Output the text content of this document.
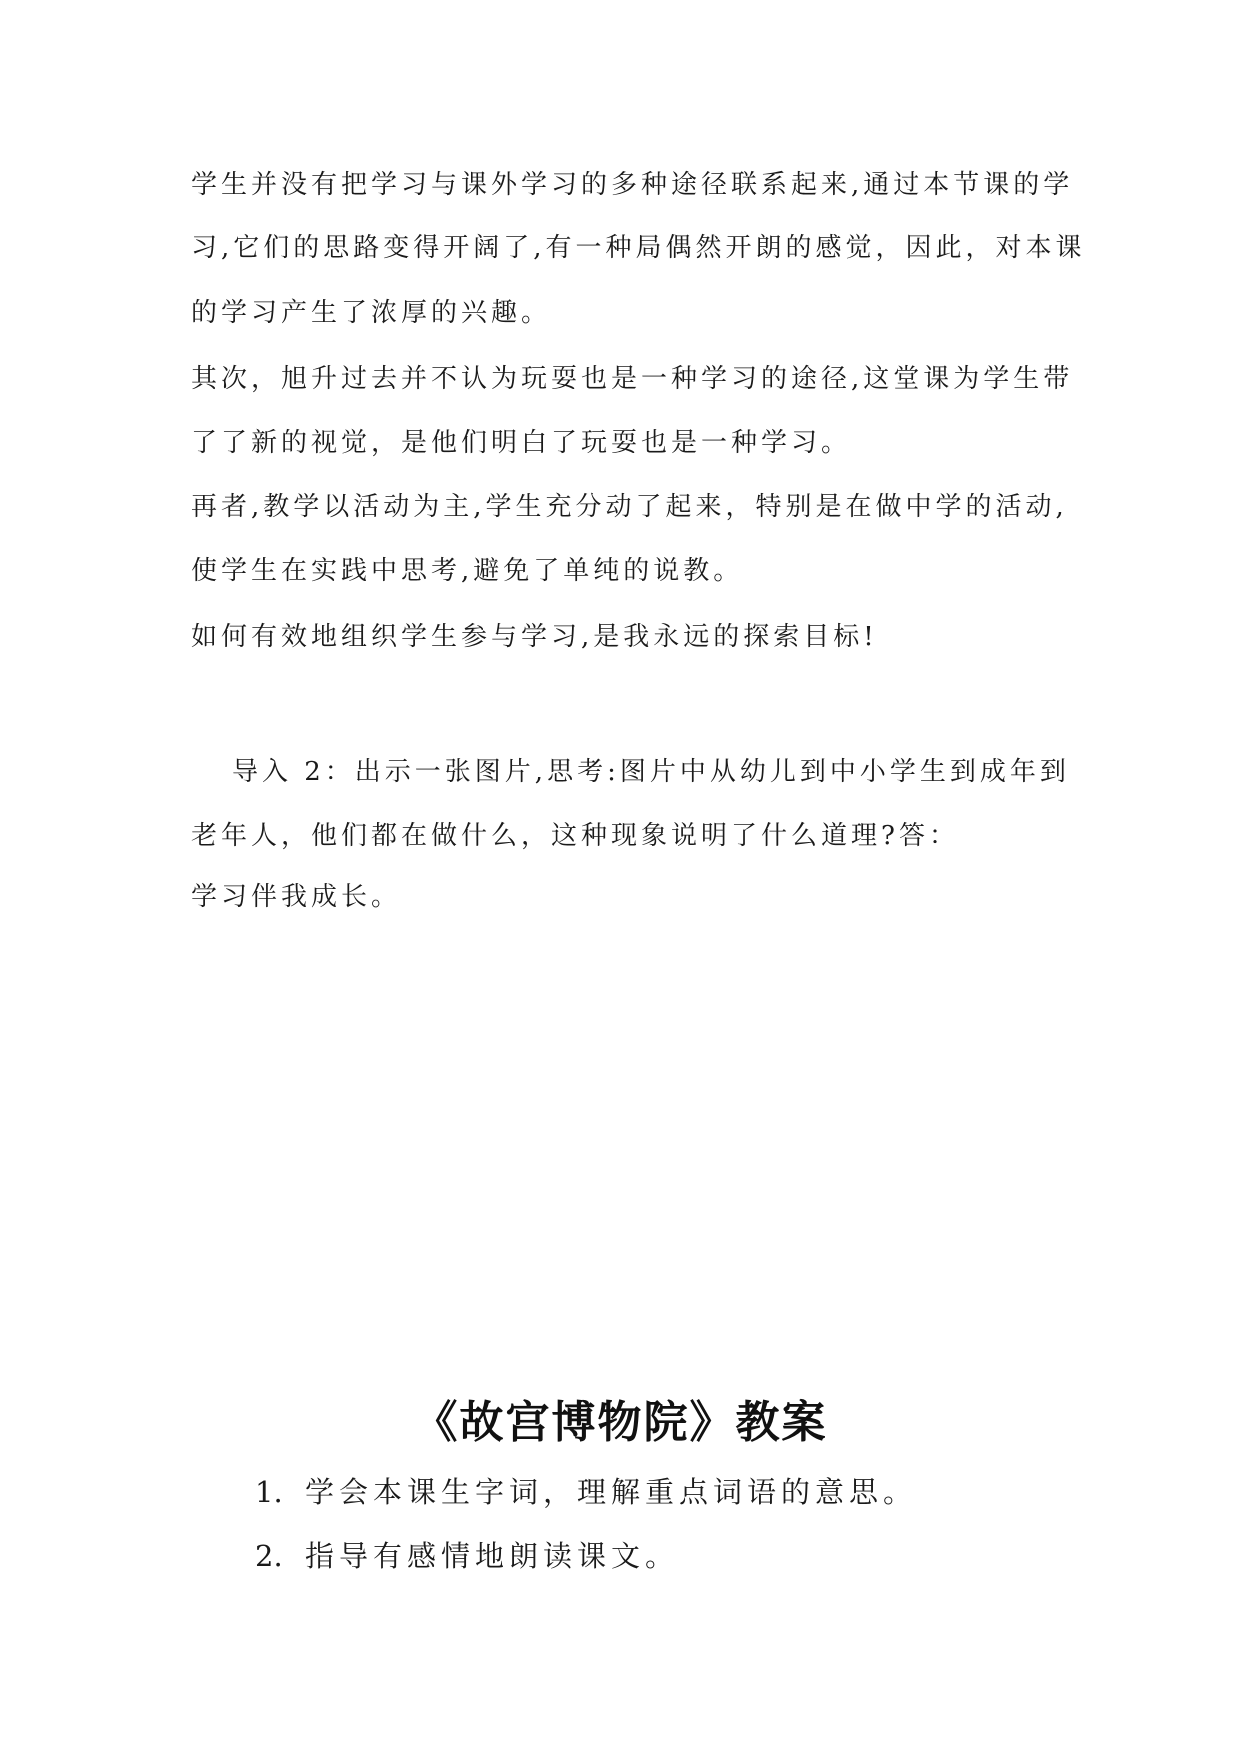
学生并没有把学习与课外学习的多种途径联系起来,通过本节课的学

习,它们的思路变得开阔了,有一种局偶然开朗的感觉，因此，对本课

的学习产生了浓厚的兴趣。

其次，旭升过去并不认为玩耍也是一种学习的途径,这堂课为学生带

了了新的视觉，是他们明白了玩耍也是一种学习。

再者,教学以活动为主,学生充分动了起来，特别是在做中学的活动,

使学生在实践中思考,避免了单纯的说教。

如何有效地组织学生参与学习,是我永远的探索目标!

导入 2：出示一张图片,思考:图片中从幼儿到中小学生到成年到

老年人，他们都在做什么，这种现象说明了什么道理?答：

学习伴我成长。

《故宫博物院》教案

1. 学会本课生字词，理解重点词语的意思。

2. 指导有感情地朗读课文。
